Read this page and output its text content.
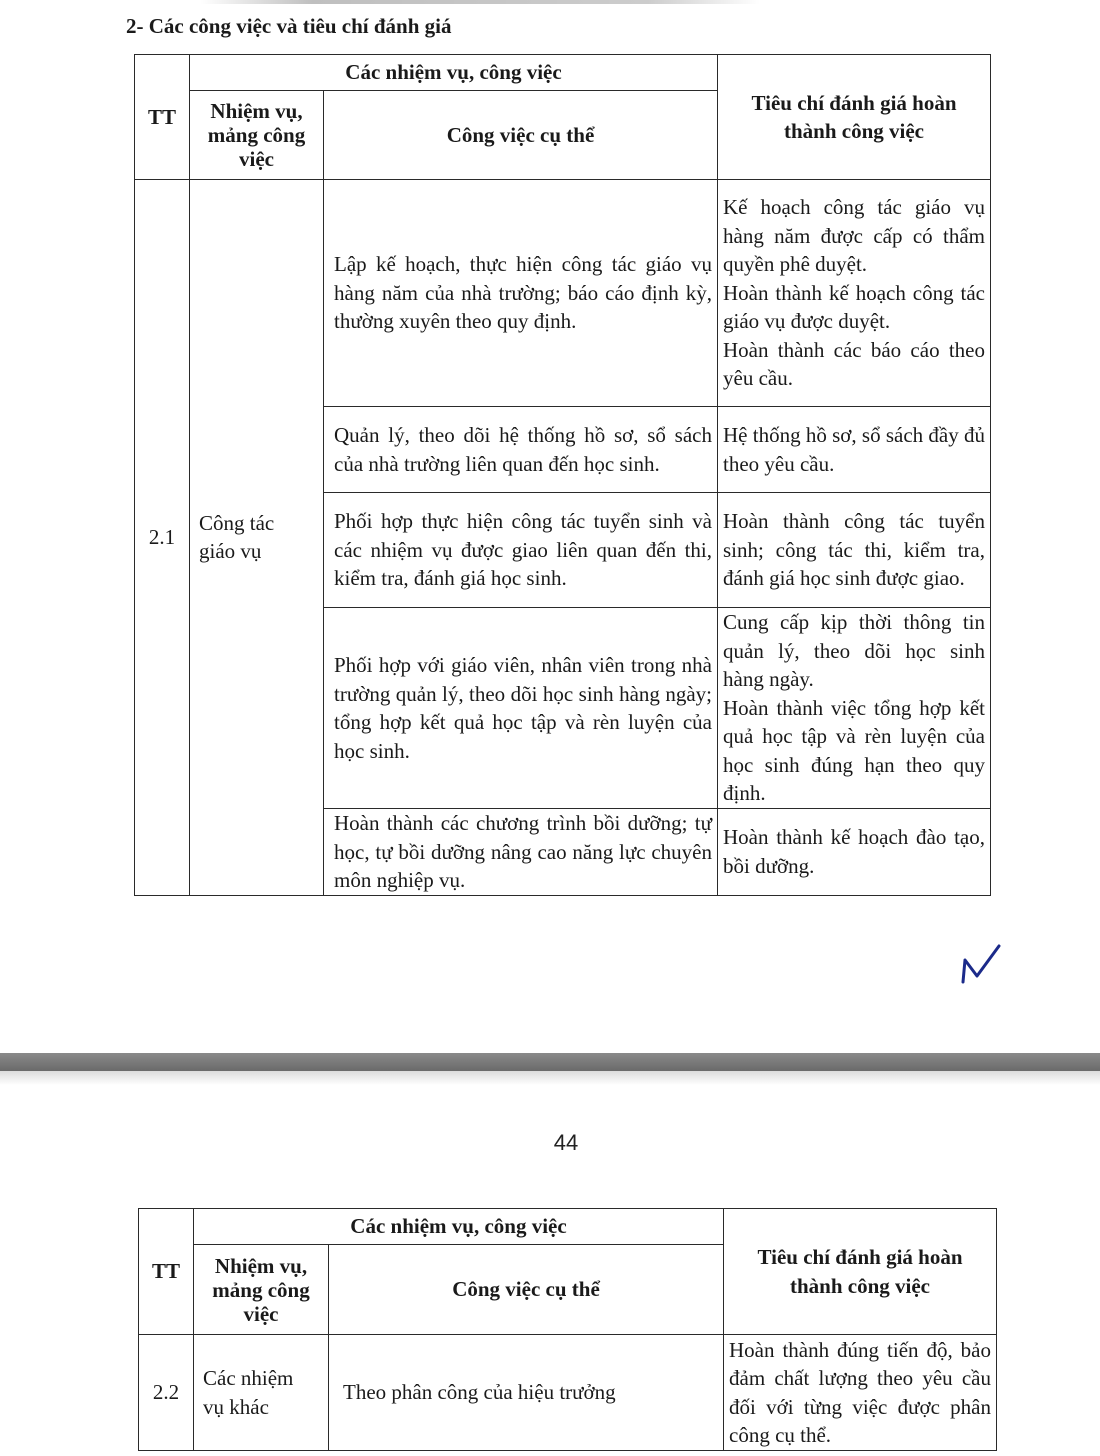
2- Các công việc và tiêu chí đánh giá
TT	Các nhiệm vụ, công việc		Tiêu chí đánh giá hoàn thành công việc
	Nhiệm vụ, mảng công việc	Công việc cụ thể	
2.1	Công tác giáo vụ	Lập kế hoạch, thực hiện công tác giáo vụ hàng năm của nhà trường; báo cáo định kỳ, thường xuyên theo quy định.	Kế hoạch công tác giáo vụ hàng năm được cấp có thẩm quyền phê duyệt.
Hoàn thành kế hoạch công tác giáo vụ được duyệt.
Hoàn thành các báo cáo theo yêu cầu.

		Quản lý, theo dõi hệ thống hồ sơ, sổ sách của nhà trường liên quan đến học sinh.	Hệ thống hồ sơ, sổ sách đầy đủ theo yêu cầu.

		Phối hợp thực hiện công tác tuyển sinh và các nhiệm vụ được giao liên quan đến thi, kiểm tra, đánh giá học sinh.	Hoàn thành công tác tuyển sinh; công tác thi, kiểm tra, đánh giá học sinh được giao.

		Phối hợp với giáo viên, nhân viên trong nhà trường quản lý, theo dõi học sinh hàng ngày; tổng hợp kết quả học tập và rèn luyện của học sinh.	Cung cấp kịp thời thông tin quản lý, theo dõi học sinh hàng ngày.
Hoàn thành việc tổng hợp kết quả học tập và rèn luyện của học sinh đúng hạn theo quy định.

		Hoàn thành các chương trình bồi dưỡng; tự học, tự bồi dưỡng nâng cao năng lực chuyên môn nghiệp vụ.	Hoàn thành kế hoạch đào tạo, bồi dưỡng.
44
TT	Các nhiệm vụ, công việc		Tiêu chí đánh giá hoàn thành công việc
	Nhiệm vụ, mảng công việc	Công việc cụ thể	
2.2	Các nhiệm vụ khác	Theo phân công của hiệu trưởng	Hoàn thành đúng tiến độ, bảo đảm chất lượng theo yêu cầu đối với từng việc được phân công cụ thể.
